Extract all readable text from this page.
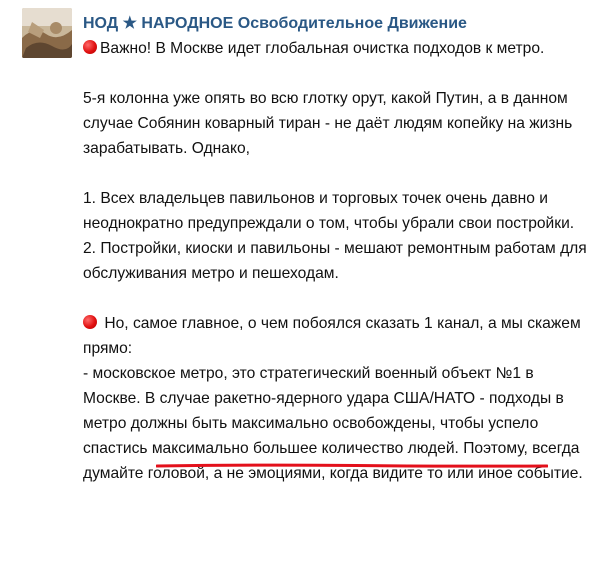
НОД ★ НАРОДНОЕ Освободительное Движение

Важно! В Москве идет глобальная очистка подходов к метро.

5-я колонна уже опять во всю глотку орут, какой Путин, а в данном случае Собянин коварный тиран - не даёт людям копейку на жизнь зарабатывать. Однако,

1. Всех владельцев павильонов и торговых точек очень давно и неоднократно предупреждали о том, чтобы убрали свои постройки.

2. Постройки, киоски и павильоны - мешают ремонтным работам для обслуживания метро и пешеходам.

Но, самое главное, о чем побоялся сказать 1 канал, а мы скажем прямо:

- московское метро, это стратегический военный объект №1 в Москве. В случае ракетно-ядерного удара США/НАТО - подходы в метро должны быть максимально освобождены, чтобы успело спастись максимально большее количество людей. Поэтому, всегда думайте головой, а не эмоциями, когда видите то или иное событие.
